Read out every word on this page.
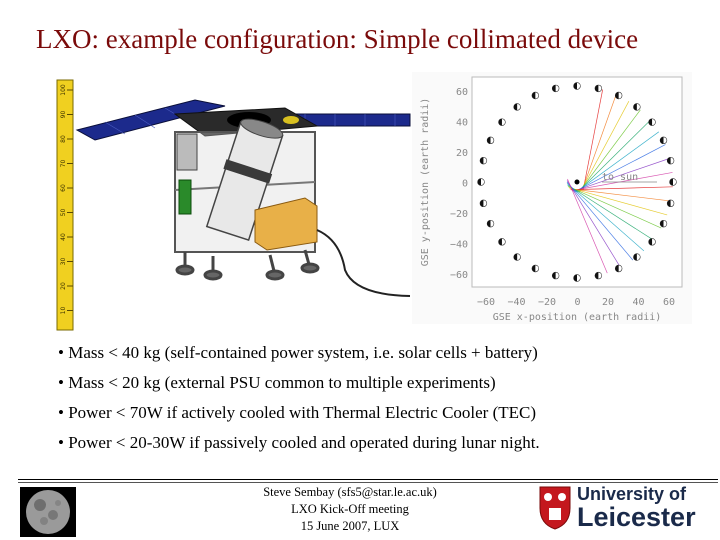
LXO: example configuration: Simple collimated device
100
90
80
70
60
50
40
30
20
10
60
40
20
0
−20
−40
−60
−60 −40 −20 0 20 40 60
GSE y-position (earth radii)
GSE x-position (earth radii)
to sun
• Mass < 40 kg (self-contained power system, i.e. solar cells + battery)
• Mass < 20 kg (external PSU common to multiple experiments)
• Power < 70W if actively cooled with Thermal Electric Cooler (TEC)
• Power < 20-30W if passively cooled and operated during lunar night.
Steve Sembay (sfs5@star.le.ac.uk)
LXO Kick-Off meeting
15 June 2007, LUX
University of
Leicester
